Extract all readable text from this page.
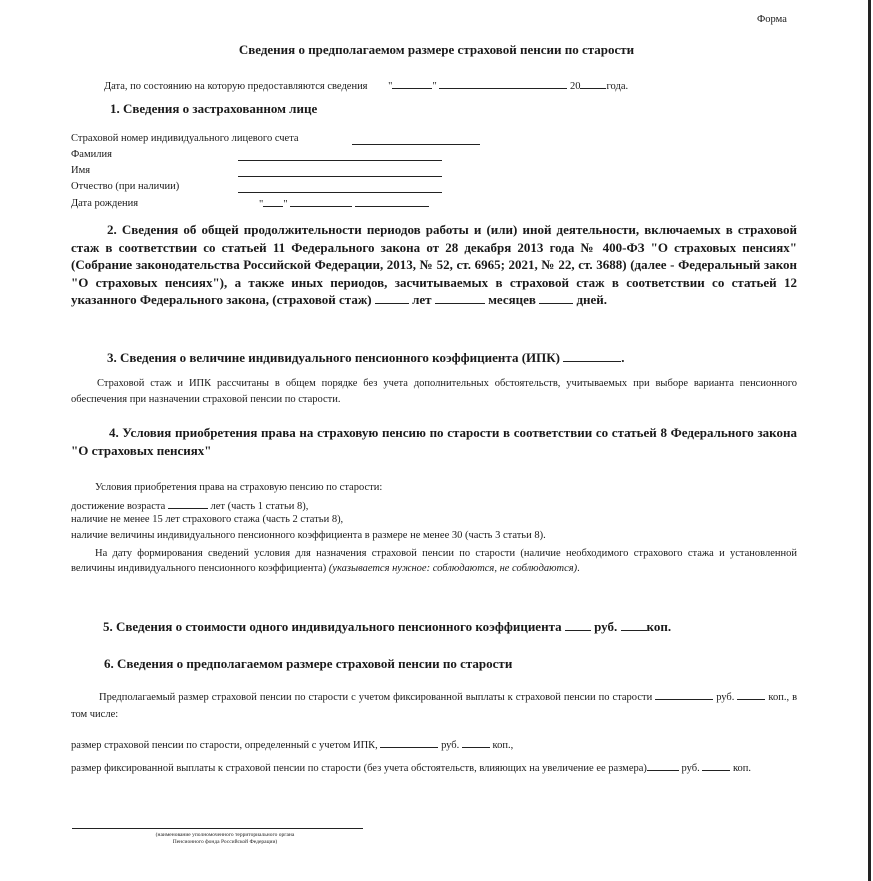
Форма
Сведения о предполагаемом размере страховой пенсии по старости
Дата, по состоянию на которую предоставляются сведения "	"	20 года.
1. Сведения о застрахованном лице
Страховой номер индивидуального лицевого счета
Фамилия
Имя
Отчество (при наличии)
Дата рождения	" "
2. Сведения об общей продолжительности периодов работы и (или) иной деятельности, включаемых в страховой стаж в соответствии со статьей 11 Федерального закона от 28 декабря 2013 года № 400-ФЗ "О страховых пенсиях" (Собрание законодательства Российской Федерации, 2013, № 52, ст. 6965; 2021, № 22, ст. 3688) (далее - Федеральный закон "О страховых пенсиях"), а также иных периодов, засчитываемых в страховой стаж в соответствии со статьей 12 указанного Федерального закона, (страховой стаж)	лет	месяцев	дней.
3. Сведения о величине индивидуального пенсионного коэффициента (ИПК)	.
Страховой стаж и ИПК рассчитаны в общем порядке без учета дополнительных обстоятельств, учитываемых при выборе варианта пенсионного обеспечения при назначении страховой пенсии по старости.
4. Условия приобретения права на страховую пенсию по старости в соответствии со статьей 8 Федерального закона "О страховых пенсиях"
Условия приобретения права на страховую пенсию по старости:
достижение возраста	лет (часть 1 статьи 8),
наличие не менее 15 лет страхового стажа (часть 2 статьи 8),
наличие величины индивидуального пенсионного коэффициента в размере не менее 30 (часть 3 статьи 8).
На дату формирования сведений условия для назначения страховой пенсии по старости (наличие необходимого страхового стажа и установленной величины индивидуального пенсионного коэффициента) (указывается нужное: соблюдаются, не соблюдаются).
5. Сведения о стоимости одного индивидуального пенсионного коэффициента	руб. коп.
6. Сведения о предполагаемом размере страховой пенсии по старости
Предполагаемый размер страховой пенсии по старости с учетом фиксированной выплаты к страховой пенсии по старости	руб.	коп., в том числе:
размер страховой пенсии по старости, определенный с учетом ИПК,	руб.	коп.,
размер фиксированной выплаты к страховой пенсии по старости (без учета обстоятельств, влияющих на увеличение ее размера)	руб.	коп.
(наименование уполномоченного территориального органа
Пенсионного фонда Российской Федерации)
